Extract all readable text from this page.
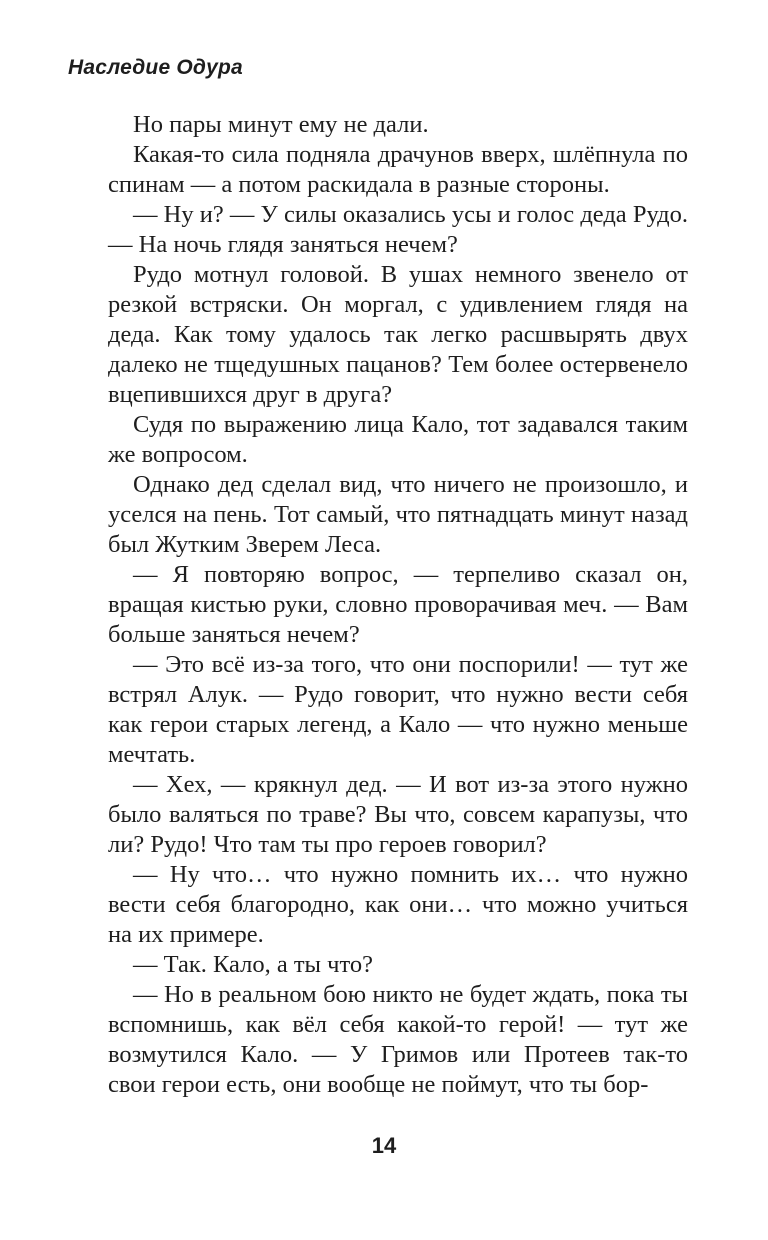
Наследие Одура

Но пары минут ему не дали.

Какая-то сила подняла драчунов вверх, шлёпнула по спинам — а потом раскидала в разные стороны.

— Ну и? — У силы оказались усы и голос деда Рудо. — На ночь глядя заняться нечем?

Рудо мотнул головой. В ушах немного звенело от резкой встряски. Он моргал, с удивлением глядя на деда. Как тому удалось так легко расшвырять двух далеко не тщедушных пацанов? Тем более остервенело вцепившихся друг в друга?

Судя по выражению лица Кало, тот задавался таким же вопросом.

Однако дед сделал вид, что ничего не произошло, и уселся на пень. Тот самый, что пятнадцать минут назад был Жутким Зверем Леса.

— Я повторяю вопрос, — терпеливо сказал он, вращая кистью руки, словно проворачивая меч. — Вам больше заняться нечем?

— Это всё из-за того, что они поспорили! — тут же встрял Алук. — Рудо говорит, что нужно вести себя как герои старых легенд, а Кало — что нужно меньше мечтать.

— Хех, — крякнул дед. — И вот из-за этого нужно было валяться по траве? Вы что, совсем карапузы, что ли? Рудо! Что там ты про героев говорил?

— Ну что… что нужно помнить их… что нужно вести себя благородно, как они… что можно учиться на их примере.

— Так. Кало, а ты что?

— Но в реальном бою никто не будет ждать, пока ты вспомнишь, как вёл себя какой-то герой! — тут же возмутился Кало. — У Гримов или Протеев так-то свои герои есть, они вообще не поймут, что ты бор-

14
